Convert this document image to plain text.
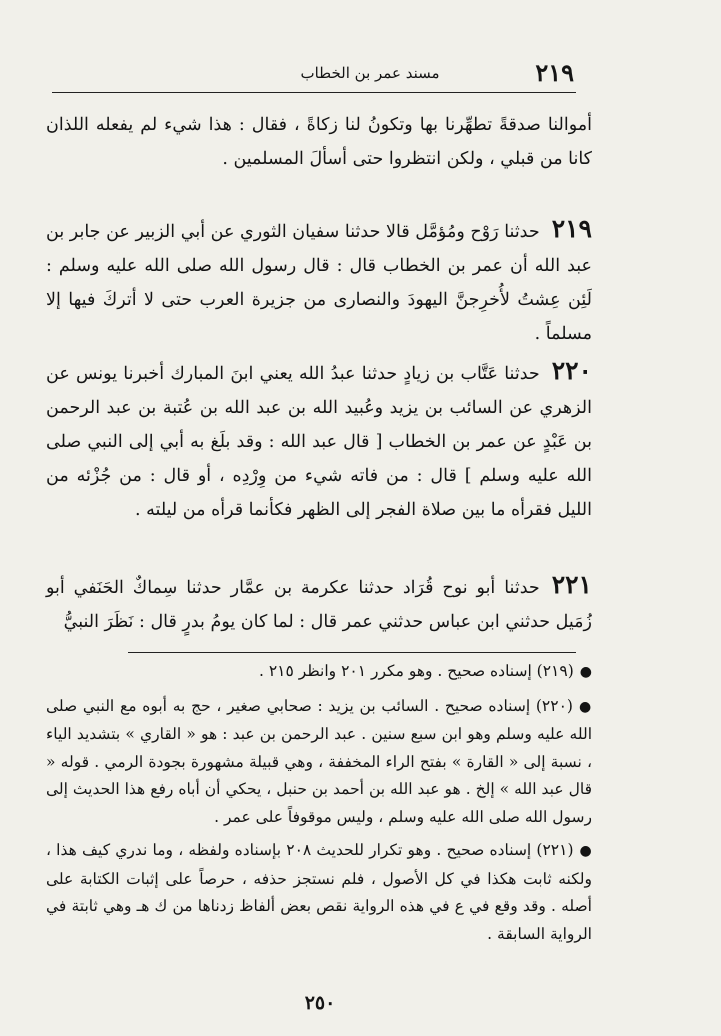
٢١٩
مسند عمر بن الخطاب
أموالنا صدقةً تطهِّرنا بها وتكونُ لنا زكاةً ، فقال : هذا شيء لم يفعله اللذان كانا من قبلي ، ولكن انتظروا حتى أسألَ المسلمين .

٢١٩حدثنا رَوْح ومُؤمَّل قالا حدثنا سفيان الثوري عن أبي الزبير عن جابر بن عبد الله أن عمر بن الخطاب قال : قال رسول الله صلى الله عليه وسلم : لَئِن عِشتُ لأُخرِجنَّ اليهودَ والنصارى من جزيرة العرب حتى لا أتركَ فيها إلا مسلماً .

٢٢٠حدثنا عَتَّاب بن زيادٍ حدثنا عبدُ الله يعني ابنَ المبارك أخبرنا يونس عن الزهري عن السائب بن يزيد وعُبيد الله بن عبد الله بن عُتبة بن عبد الرحمن بن عَبْدٍ عن عمر بن الخطاب [ قال عبد الله : وقد بلَغ به أبي إلى النبي صلى الله عليه وسلم ] قال : من فاته شيء من وِرْدِه ، أو قال : من جُزْئه من الليل فقرأه ما بين صلاة الفجر إلى الظهر فكأنما قرأه من ليلته .

٢٢١حدثنا أبو نوح قُرَاد حدثنا عكرمة بن عمَّار حدثنا سِماكٌ الحَنَفي أبو زُمَيل حدثني ابن عباس حدثني عمر قال : لما كان يومُ بدرٍ قال : نَظَرَ النبيُّ

●(٢١٩) إسناده صحيح . وهو مكرر ٢٠١ وانظر ٢١٥ .

●(٢٢٠) إسناده صحيح . السائب بن يزيد : صحابي صغير ، حج به أبوه مع النبي صلى الله عليه وسلم وهو ابن سبع سنين . عبد الرحمن بن عبد : هو « القاري » بتشديد الياء ، نسبة إلى « القارة » بفتح الراء المخففة ، وهي قبيلة مشهورة بجودة الرمي . قوله « قال عبد الله » إلخ . هو عبد الله بن أحمد بن حنبل ، يحكي أن أباه رفع هذا الحديث إلى رسول الله صلى الله عليه وسلم ، وليس موقوفاً على عمر .

●(٢٢١) إسناده صحيح . وهو تكرار للحديث ٢٠٨ بإسناده ولفظه ، وما ندري كيف هذا ، ولكنه ثابت هكذا في كل الأصول ، فلم نستجز حذفه ، حرصاً على إثبات الكتابة على أصله . وقد وقع في ع في هذه الرواية نقص بعض ألفاظ زدناها من ك هـ وهي ثابتة في الرواية السابقة .

٢٥٠
